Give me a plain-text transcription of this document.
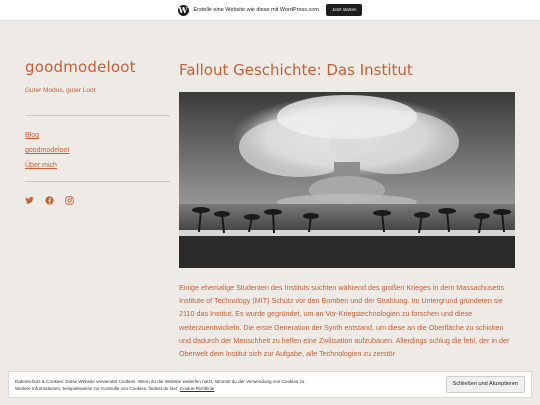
W Erstelle eine Website wie diese mit WordPress.com	Jetzt starten
goodmodeloot
Guter Modus, guter Loot
Blog
goodmodeloot
Über mich
Fallout Geschichte: Das Institut
Einige ehemalige Studenten des Instituts suchten während des großen Krieges in dem Massachusetts Institute of Technology (MIT) Schutz vor den Bomben und der Strahlung. Im Untergrund gründeten sie 2110 das Institut. Es wurde gegründet, um an Vor-Kriegstechnologien zu forschen und diese weiterzuentwickeln. Die erste Generation der Synth entstand, um diese an die Oberfläche zu schicken und dadurch der Menschheit zu helfen eine Zivilisation aufzubauen. Allerdings schlug die fehl, der in der Oberwelt dem Institut sich zur Aufgabe, alle Technologien zu zerstör
Datenschutz & Cookies: Diese Website verwendet Cookies. Wenn du die Website weiterhin nutzt, stimmst du der Verwendung von Cookies zu.
Weitere Informationen, beispielsweise zur Kontrolle von Cookies, findest du hier: Cookie-Richtlinie
Schließen und Akzeptieren
